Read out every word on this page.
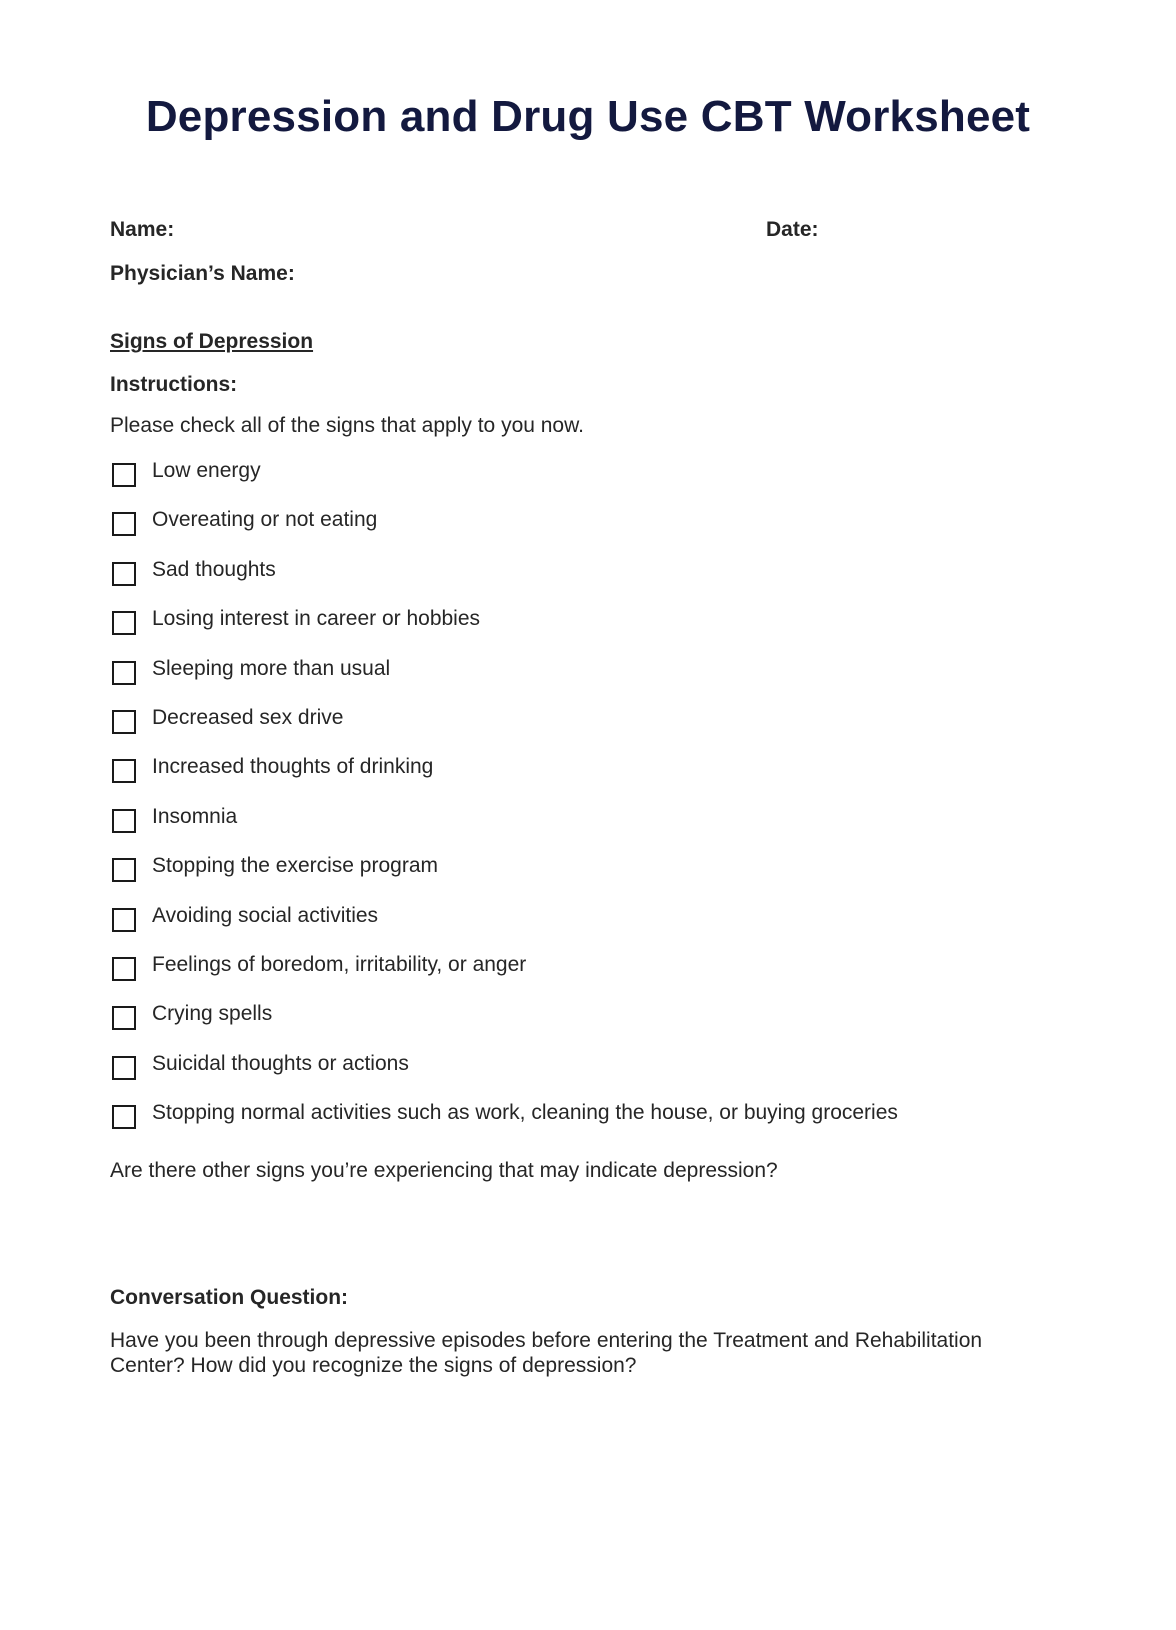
Depression and Drug Use CBT Worksheet
Name:	Date:
Physician’s Name:
Signs of Depression
Instructions:
Please check all of the signs that apply to you now.
Low energy
Overeating or not eating
Sad thoughts
Losing interest in career or hobbies
Sleeping more than usual
Decreased sex drive
Increased thoughts of drinking
Insomnia
Stopping the exercise program
Avoiding social activities
Feelings of boredom, irritability, or anger
Crying spells
Suicidal thoughts or actions
Stopping normal activities such as work, cleaning the house, or buying groceries
Are there other signs you’re experiencing that may indicate depression?
Conversation Question:
Have you been through depressive episodes before entering the Treatment and Rehabilitation
Center? How did you recognize the signs of depression?
